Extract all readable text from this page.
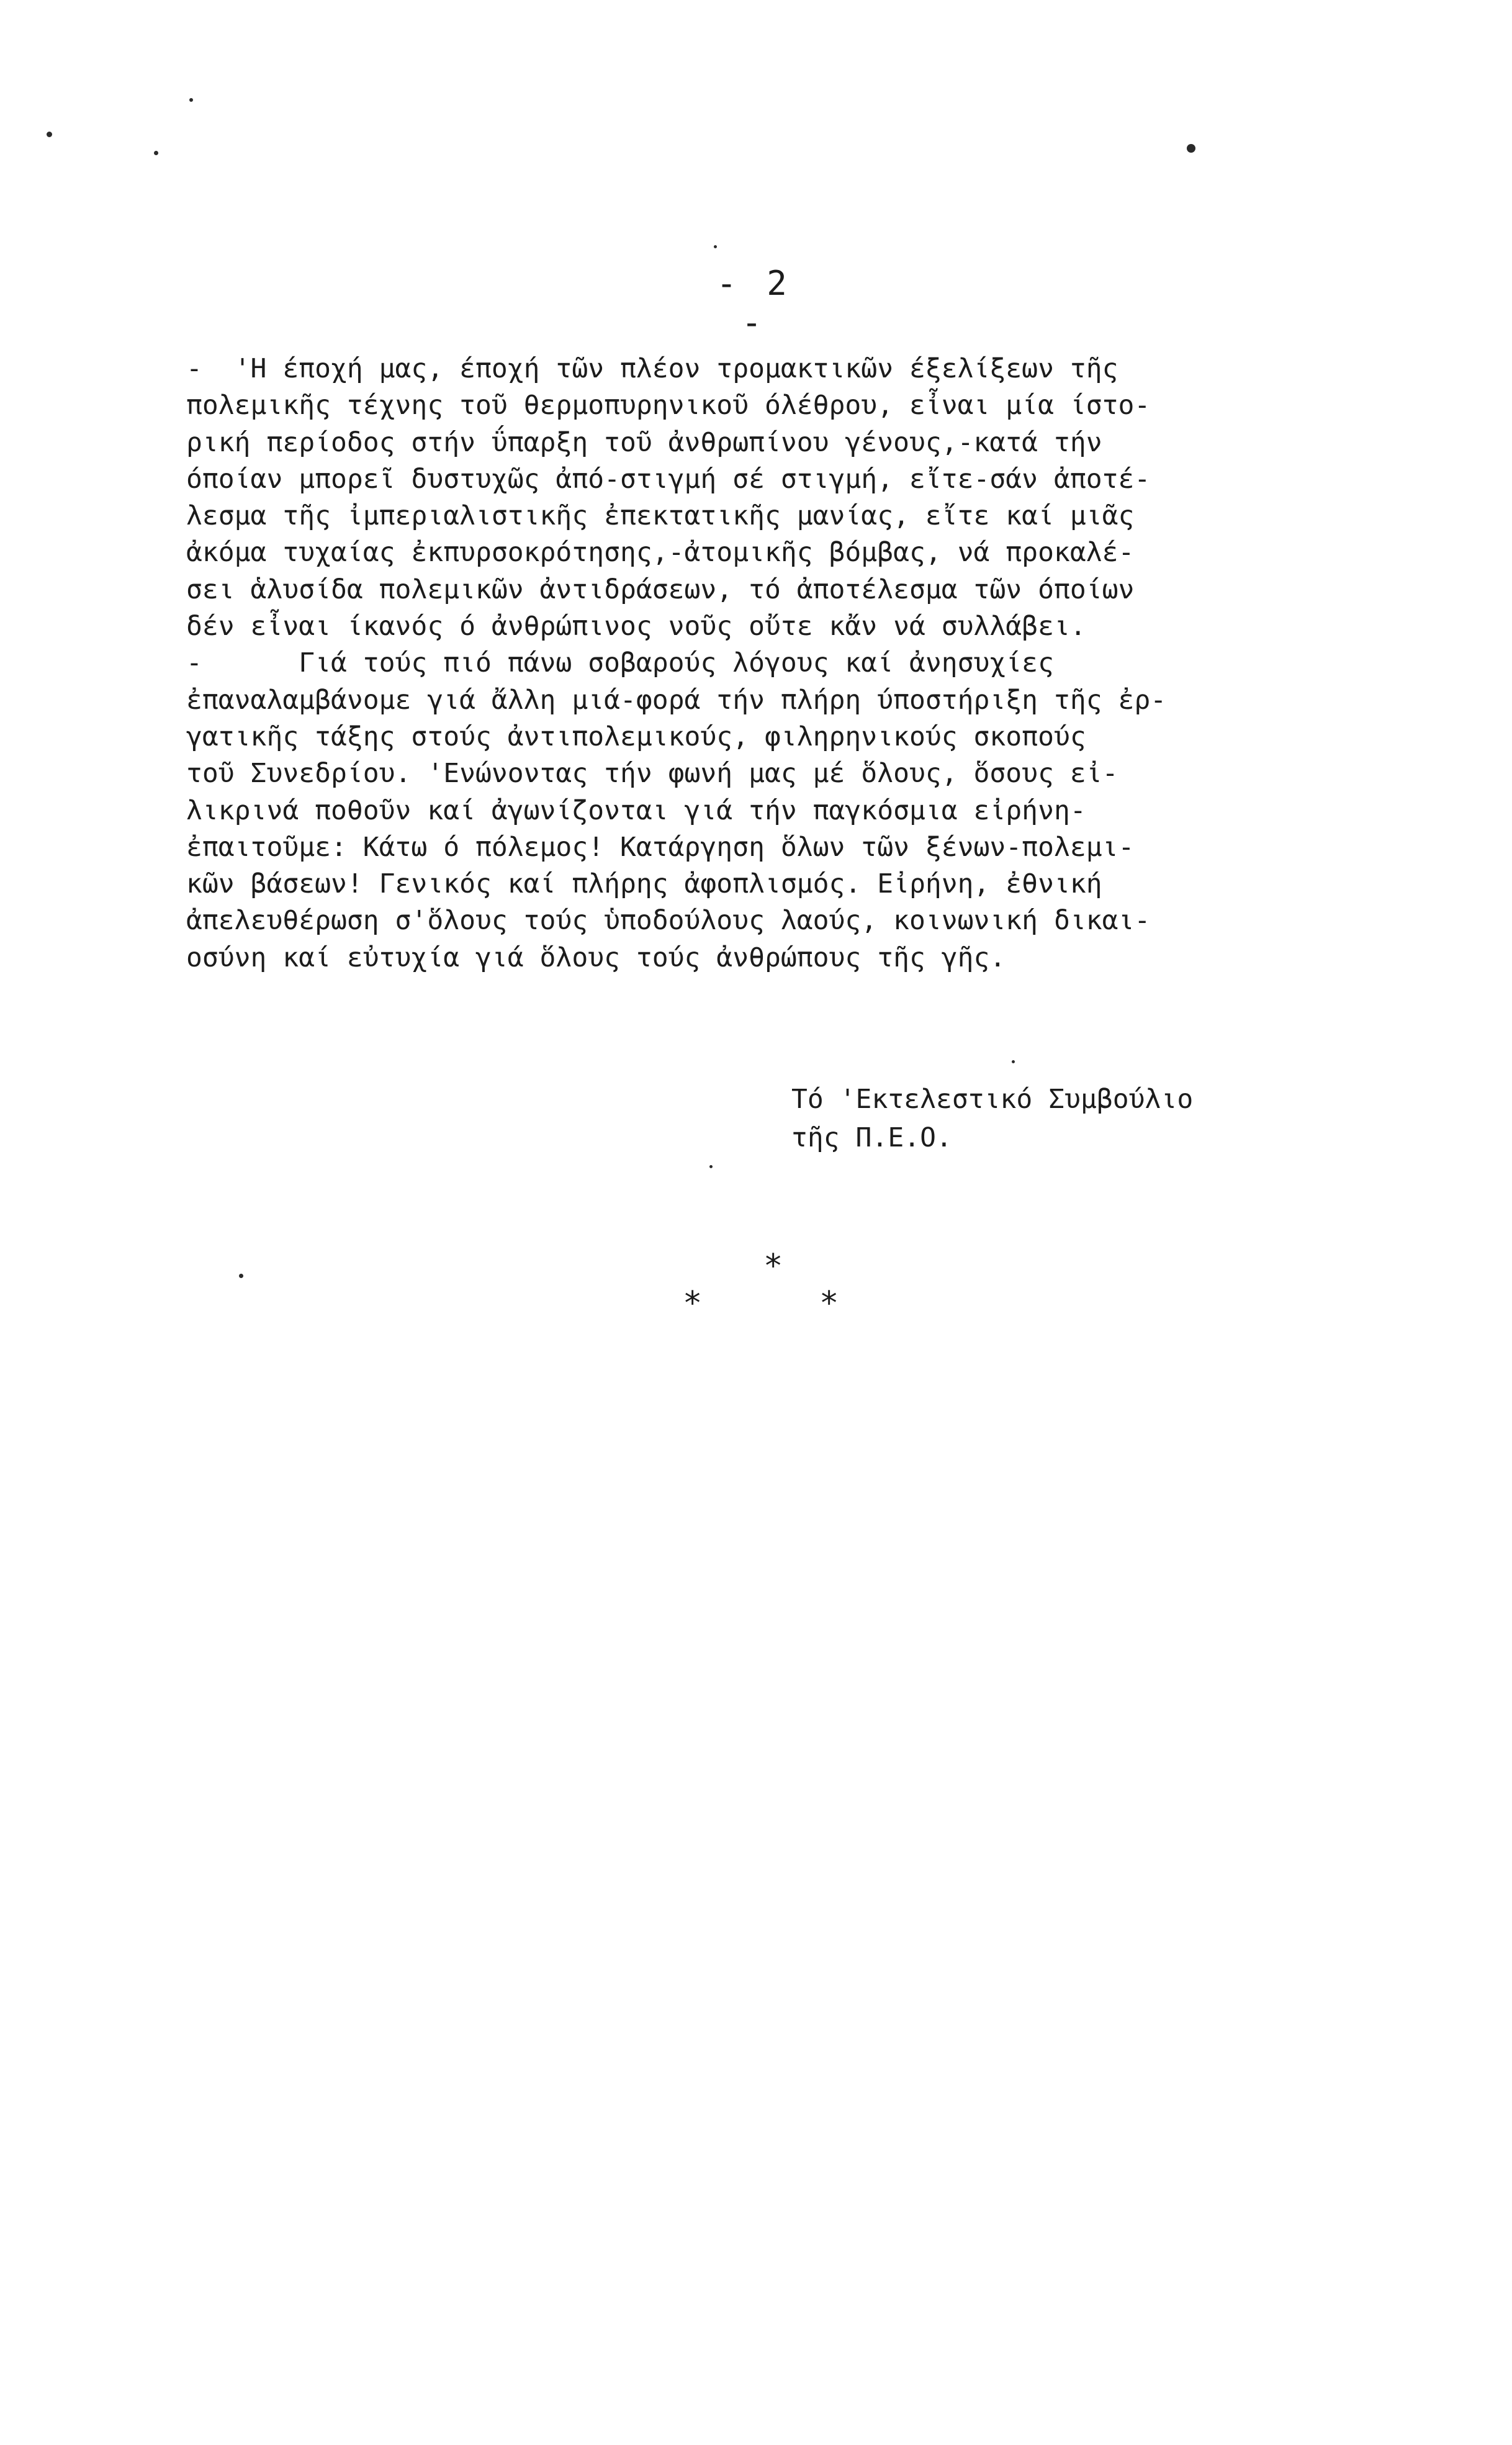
- 2 -
-  'Η έποχή μας, έποχή τῶν πλέον τρομακτικῶν έξελίξεων τῆς
πολεμικῆς τέχνης τοῦ θερμοπυρηνικοῦ όλέθρου, εἶναι μία ίστο-
ρική περίοδος στήν ΰπαρξη τοῦ ἀνθρωπίνου γένους,-κατά τήν
όποίαν μπορεῖ δυστυχῶς ἀπό-στιγμή σέ στιγμή, εἴτε-σάν ἀποτέ-
λεσμα τῆς ἰμπεριαλιστικῆς ἐπεκτατικῆς μανίας, εἴτε καί μιᾶς
ἀκόμα τυχαίας ἐκπυρσοκρότησης,-ἀτομικῆς βόμβας, νά προκαλέ-
σει ἁλυσίδα πολεμικῶν ἀντιδράσεων, τό ἀποτέλεσμα τῶν όποίων
δέν εἶναι ίκανός ό ἀνθρώπινος νοῦς οὔτε κἄν νά συλλάβει.
-      Γιά τούς πιό πάνω σοβαρούς λόγους καί ἀνησυχίες
ἐπαναλαμβάνομε γιά ἄλλη μιά-φορά τήν πλήρη ύποστήριξη τῆς ἐρ-
γατικῆς τάξης στούς ἀντιπολεμικούς, φιληρηνικούς σκοπούς
τοῦ Συνεδρίου. 'Ενώνοντας τήν φωνή μας μέ ὅλους, ὅσους εἰ-
λικρινά ποθοῦν καί ἀγωνίζονται γιά τήν παγκόσμια εἰρήνη-
ἐπαιτοῦμε: Κάτω ό πόλεμος! Κατάργηση ὅλων τῶν ξένων-πολεμι-
κῶν βάσεων! Γενικός καί πλήρης ἀφοπλισμός. Εἰρήνη, ἐθνική
ἀπελευθέρωση σ'ὅλους τούς ὑποδούλους λαούς, κοινωνική δικαι-
οσύνη καί εὐτυχία γιά ὅλους τούς ἀνθρώπους τῆς γῆς.
Τό 'Εκτελεστικό Συμβούλιο
τῆς Π.Ε.Ο.
*
*	*
